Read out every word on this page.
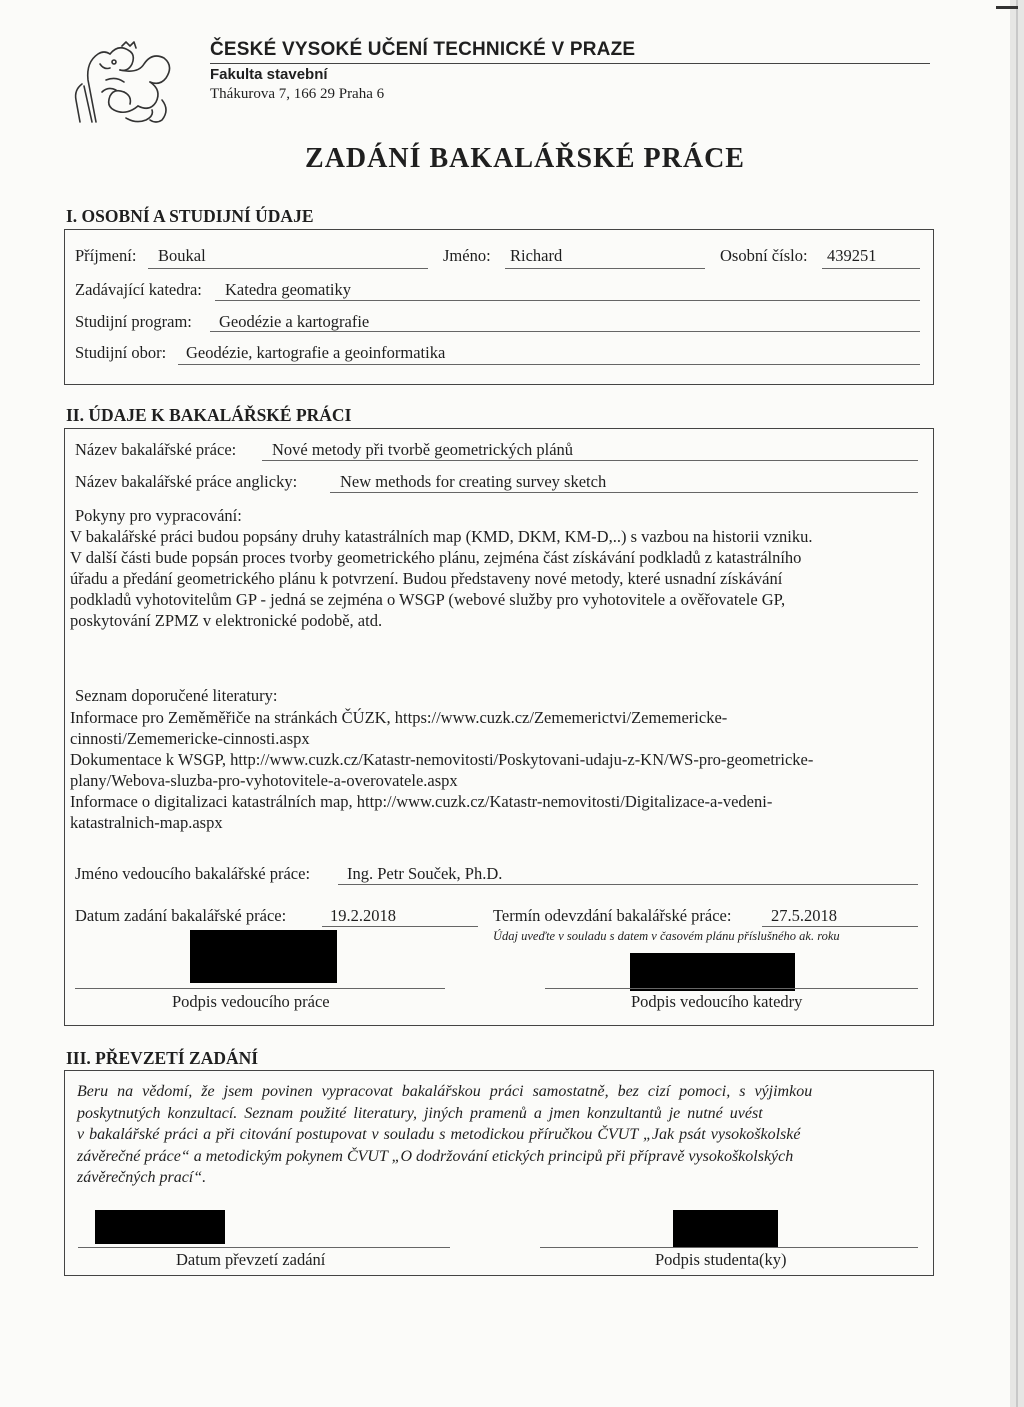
ČESKÉ VYSOKÉ UČENÍ TECHNICKÉ V PRAZE
Fakulta stavební
Thákurova 7, 166 29 Praha 6
ZADÁNÍ BAKALÁŘSKÉ PRÁCE
I. OSOBNÍ A STUDIJNÍ ÚDAJE
Příjmení: Boukal	Jméno: Richard	Osobní číslo: 439251
Zadávající katedra: Katedra geomatiky
Studijní program: Geodézie a kartografie
Studijní obor: Geodézie, kartografie a geoinformatika
II. ÚDAJE K BAKALÁŘSKÉ PRÁCI
Název bakalářské práce: Nové metody při tvorbě geometrických plánů
Název bakalářské práce anglicky:	New methods for creating survey sketch
Pokyny pro vypracování:
V bakalářské práci budou popsány druhy katastrálních map (KMD, DKM, KM-D,..) s vazbou na historii vzniku.
V další části bude popsán proces tvorby geometrického plánu, zejména část získávání podkladů z katastrálního
úřadu a předání geometrického plánu k potvrzení. Budou představeny nové metody, které usnadní získávání
podkladů vyhotovitelům GP - jedná se zejména o WSGP (webové služby pro vyhotovitele a ověřovatele GP,
poskytování ZPMZ v elektronické podobě, atd.
Seznam doporučené literatury:
Informace pro Zeměměřiče na stránkách ČÚZK, https://www.cuzk.cz/Zememerictvi/Zememericke-
cinnosti/Zememericke-cinnosti.aspx
Dokumentace k WSGP, http://www.cuzk.cz/Katastr-nemovitosti/Poskytovani-udaju-z-KN/WS-pro-geometricke-
plany/Webova-sluzba-pro-vyhotovitele-a-overovatele.aspx
Informace o digitalizaci katastrálních map, http://www.cuzk.cz/Katastr-nemovitosti/Digitalizace-a-vedeni-
katastralnich-map.aspx
Jméno vedoucího bakalářské práce: Ing. Petr Souček, Ph.D.
Datum zadání bakalářské práce:	19.2.2018	Termín odevzdání bakalářské práce: 27.5.2018
Údaj uveďte v souladu s datem v časovém plánu příslušného ak. roku
Podpis vedoucího práce	Podpis vedoucího katedry
III. PŘEVZETÍ ZADÁNÍ
Beru na vědomí, že jsem povinen vypracovat bakalářskou práci samostatně, bez cizí pomoci, s výjimkou
poskytnutých konzultací. Seznam použité literatury, jiných pramenů a jmen konzultantů je nutné uvést
v bakalářské práci a při citování postupovat v souladu s metodickou příručkou ČVUT „Jak psát vysokoškolské
závěrečné práce“ a metodickým pokynem ČVUT „O dodržování etických principů při přípravě vysokoškolských
závěrečných prací“.
Datum převzetí zadání	Podpis studenta(ky)
